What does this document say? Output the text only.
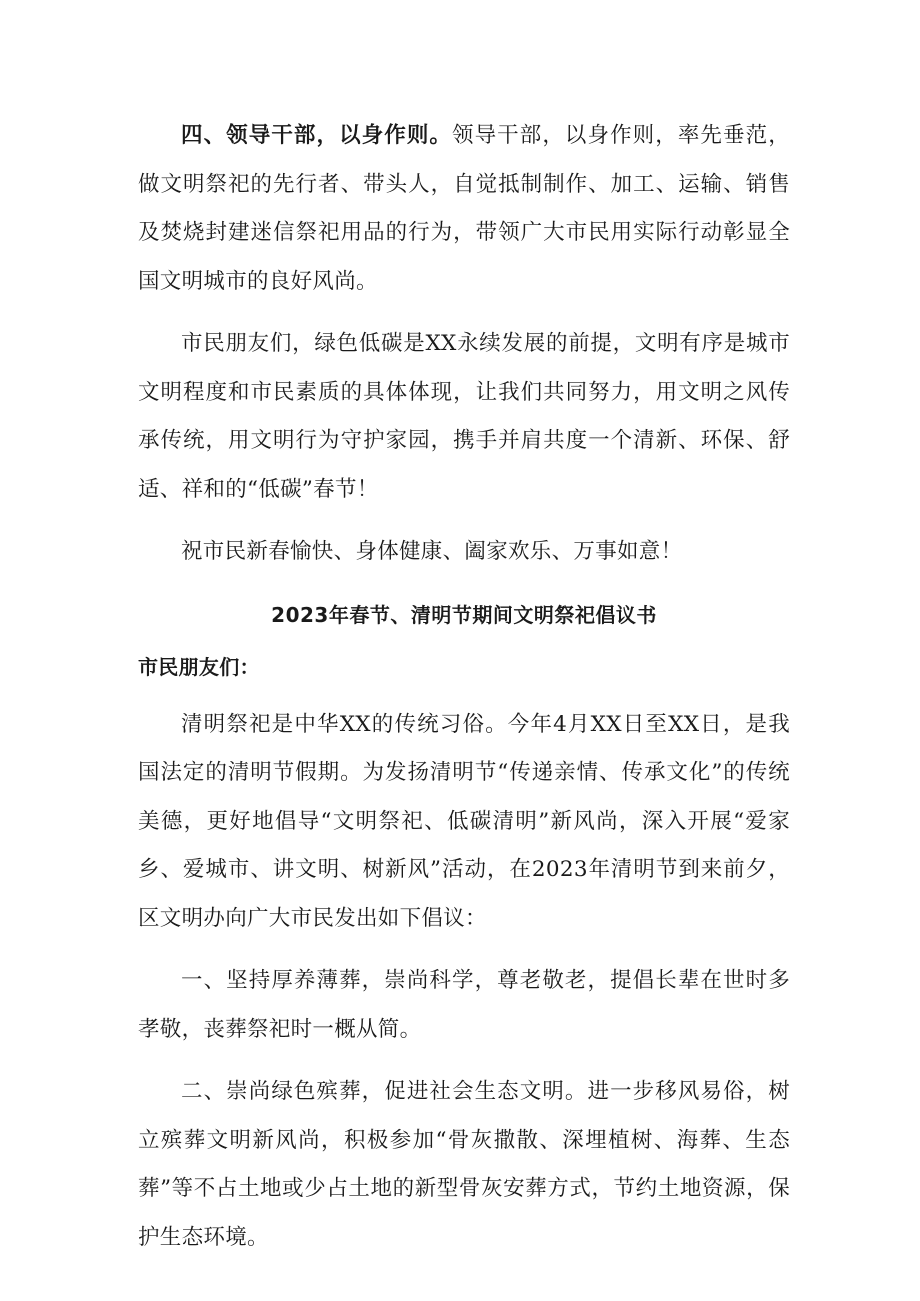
四、领导干部，以身作则。领导干部，以身作则，率先垂范，做文明祭祀的先行者、带头人，自觉抵制制作、加工、运输、销售及焚烧封建迷信祭祀用品的行为，带领广大市民用实际行动彰显全国文明城市的良好风尚。

市民朋友们，绿色低碳是XX永续发展的前提，文明有序是城市文明程度和市民素质的具体体现，让我们共同努力，用文明之风传承传统，用文明行为守护家园，携手并肩共度一个清新、环保、舒适、祥和的“低碳”春节！

祝市民新春愉快、身体健康、阖家欢乐、万事如意！

2023年春节、清明节期间文明祭祀倡议书

市民朋友们：

清明祭祀是中华XX的传统习俗。今年4月XX日至XX日，是我国法定的清明节假期。为发扬清明节“传递亲情、传承文化”的传统美德，更好地倡导“文明祭祀、低碳清明”新风尚，深入开展“爱家乡、爱城市、讲文明、树新风”活动，在2023年清明节到来前夕，区文明办向广大市民发出如下倡议：

一、坚持厚养薄葬，崇尚科学，尊老敬老，提倡长辈在世时多孝敬，丧葬祭祀时一概从简。

二、崇尚绿色殡葬，促进社会生态文明。进一步移风易俗，树立殡葬文明新风尚，积极参加“骨灰撒散、深埋植树、海葬、生态葬”等不占土地或少占土地的新型骨灰安葬方式，节约土地资源，保护生态环境。
